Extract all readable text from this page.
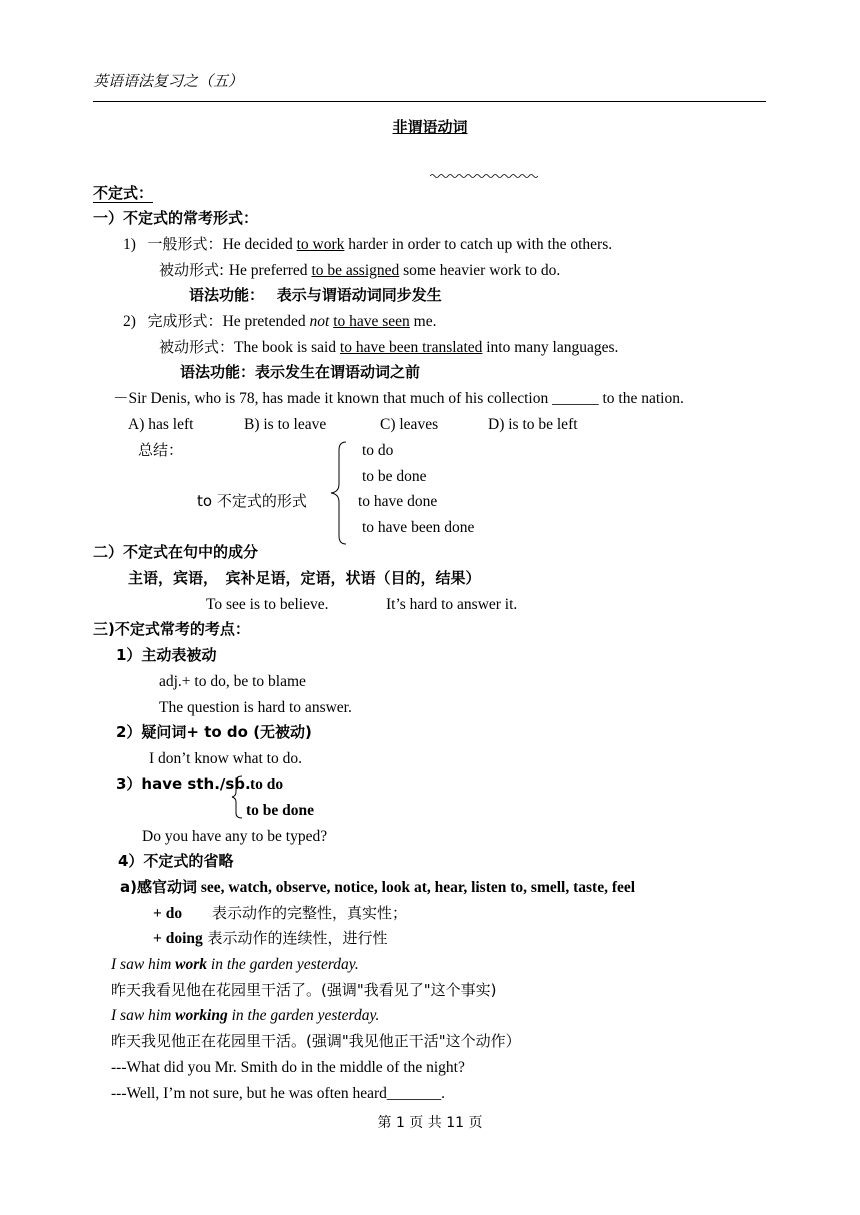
英语语法复习之（五）
非谓语动词
不定式：
一）不定式的常考形式：
1) 一般形式：He decided to work harder in order to catch up with the others.
被动形式: He preferred to be assigned some heavier work to do.
语法功能：　 表示与谓语动词同步发生
2) 完成形式：He pretended not to have seen me.
被动形式：The book is said to have been translated into many languages.
语法功能：表示发生在谓语动词之前
－Sir Denis, who is 78, has made it known that much of his collection ______ to the nation.
A) has left	B) is to leave	C) leaves	D) is to be left
总结：
to 不定式的形式
to do
to be done
to have done
to have been done
二）不定式在句中的成分
主语，宾语，　宾补足语，定语，状语（目的，结果）
To see is to believe.	It’s hard to answer it.
三)不定式常考的考点：
1）主动表被动
adj.+ to do, be to blame
The question is hard to answer.
2）疑问词+ to do (无被动)
I don’t know what to do.
3）have sth./sb. to do
to be done
Do you have any to be typed?
4）不定式的省略
a)感官动词 see, watch, observe, notice, look at, hear, listen to, smell, taste, feel
+ do 表示动作的完整性，真实性；
+ doing 表示动作的连续性，进行性
I saw him work in the garden yesterday.
昨天我看见他在花园里干活了。(强调"我看见了"这个事实)
I saw him working in the garden yesterday.
昨天我见他正在花园里干活。(强调"我见他正干活"这个动作）
---What did you Mr. Smith do in the middle of the night?
---Well, I’m not sure, but he was often heard_______.
第 1 页 共 11 页
